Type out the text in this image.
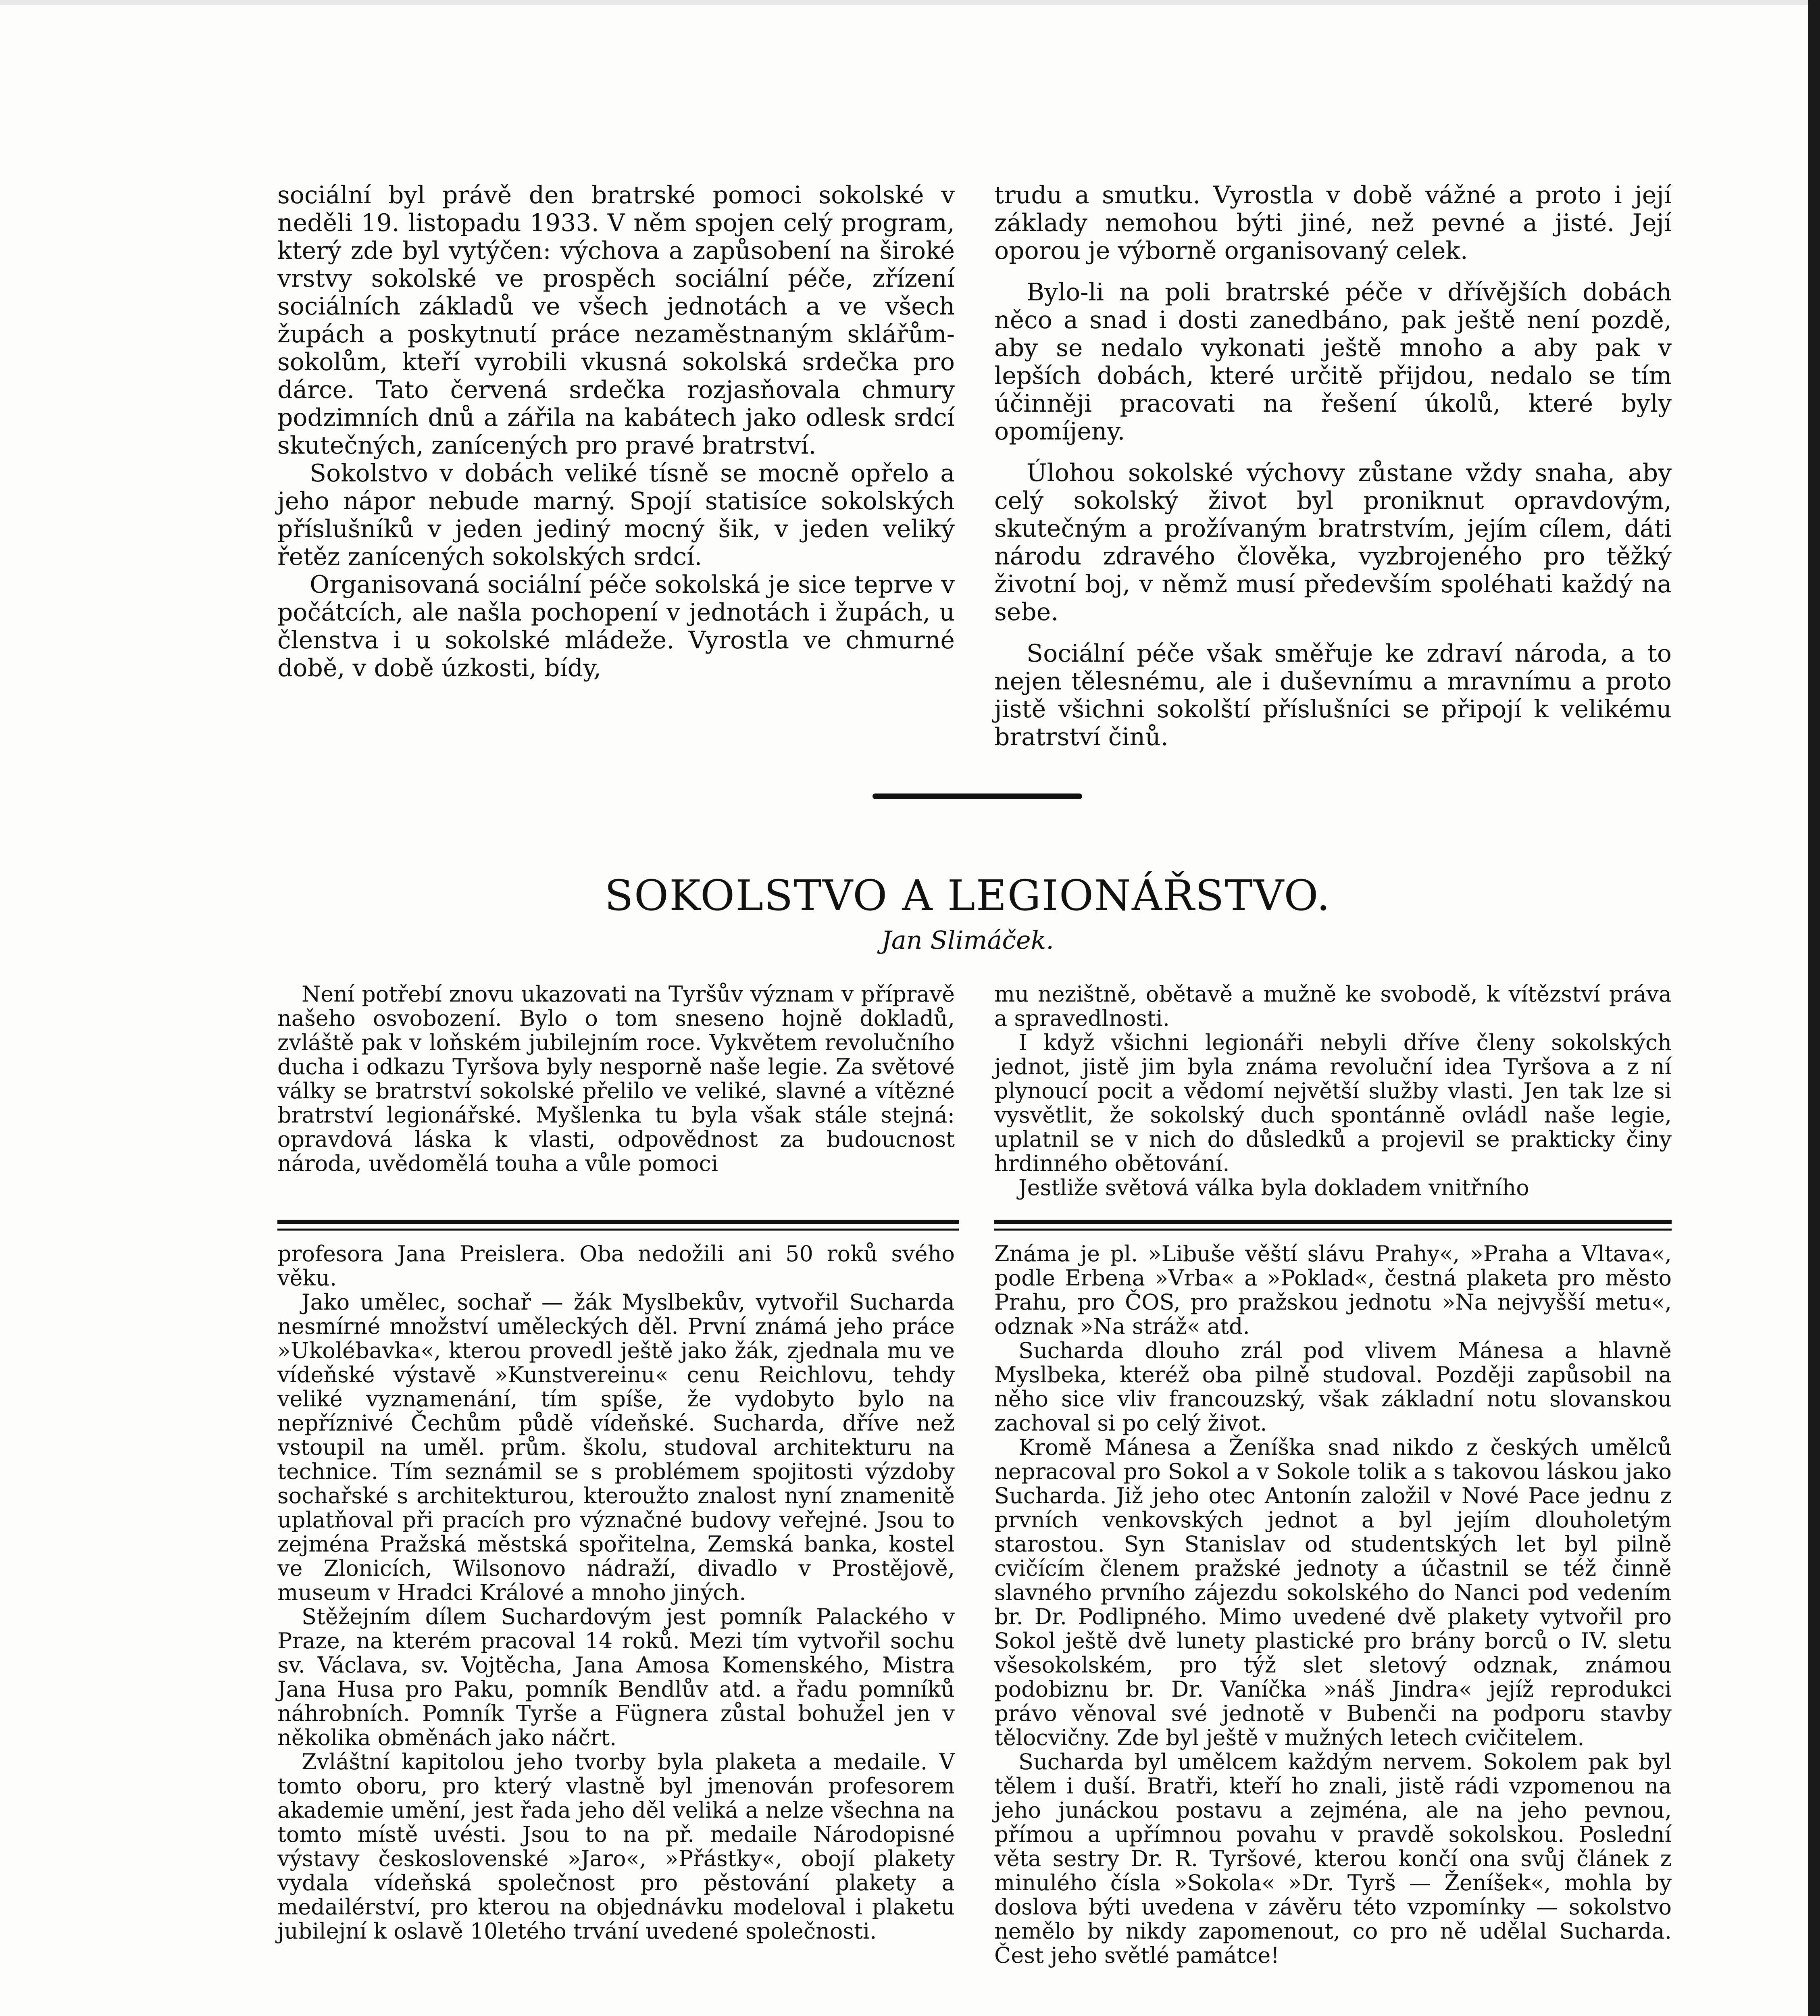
sociální byl právě den bratrské pomoci sokolské v neděli 19. listopadu 1933. V něm spojen celý program, který zde byl vytýčen: výchova a zapůsobení na široké vrstvy sokolské ve prospěch sociální péče, zřízení sociálních základů ve všech jednotách a ve všech župách a poskytnutí práce nezaměstnaným sklářům-sokolům, kteří vyrobili vkusná sokolská srdečka pro dárce. Tato červená srdečka rozjasňovala chmury podzimních dnů a zářila na kabátech jako odlesk srdcí skutečných, zanícených pro pravé bratrství.

Sokolstvo v dobách veliké tísně se mocně opřelo a jeho nápor nebude marný. Spojí statisíce sokolských příslušníků v jeden jediný mocný šik, v jeden veliký řetěz zanícených sokolských srdcí.

Organisovaná sociální péče sokolská je sice teprve v počátcích, ale našla pochopení v jednotách i župách, u členstva i u sokolské mládeže. Vyrostla ve chmurné době, v době úzkosti, bídy,

trudu a smutku. Vyrostla v době vážné a proto i její základy nemohou býti jiné, než pevné a jisté. Její oporou je výborně organisovaný celek.

Bylo-li na poli bratrské péče v dřívějších dobách něco a snad i dosti zanedbáno, pak ještě není pozdě, aby se nedalo vykonati ještě mnoho a aby pak v lepších dobách, které určitě přijdou, nedalo se tím účinněji pracovati na řešení úkolů, které byly opomíjeny.

Úlohou sokolské výchovy zůstane vždy snaha, aby celý sokolský život byl proniknut opravdovým, skutečným a prožívaným bratrstvím, jejím cílem, dáti národu zdravého člověka, vyzbrojeného pro těžký životní boj, v němž musí především spoléhati každý na sebe.

Sociální péče však směřuje ke zdraví národa, a to nejen tělesnému, ale i duševnímu a mravnímu a proto jistě všichni sokolští příslušníci se připojí k velikému bratrství činů.

SOKOLSTVO A LEGIONÁŘSTVO.
Jan Slimáček.

Není potřebí znovu ukazovati na Tyršův význam v přípravě našeho osvobození. Bylo o tom sneseno hojně dokladů, zvláště pak v loňském jubilejním roce. Vykvětem revolučního ducha i odkazu Tyršova byly nesporně naše legie. Za světové války se bratrství sokolské přelilo ve veliké, slavné a vítězné bratrství legionářské. Myšlenka tu byla však stále stejná: opravdová láska k vlasti, odpovědnost za budoucnost národa, uvědomělá touha a vůle pomoci

mu nezištně, obětavě a mužně ke svobodě, k vítězství práva a spravedlnosti.

I když všichni legionáři nebyli dříve členy sokolských jednot, jistě jim byla známa revoluční idea Tyršova a z ní plynoucí pocit a vědomí největší služby vlasti. Jen tak lze si vysvětlit, že sokolský duch spontánně ovládl naše legie, uplatnil se v nich do důsledků a projevil se prakticky činy hrdinného obětování.

Jestliže světová válka byla dokladem vnitřního

profesora Jana Preislera. Oba nedožili ani 50 roků svého věku.

Jako umělec, sochař — žák Myslbekův, vytvořil Sucharda nesmírné množství uměleckých děl. První známá jeho práce »Ukolébavka«, kterou provedl ještě jako žák, zjednala mu ve vídeňské výstavě »Kunstvereinu« cenu Reichlovu, tehdy veliké vyznamenání, tím spíše, že vydobyto bylo na nepříznivé Čechům půdě vídeňské. Sucharda, dříve než vstoupil na uměl. prům. školu, studoval architekturu na technice. Tím seznámil se s problémem spojitosti výzdoby sochařské s architekturou, kteroužto znalost nyní znamenitě uplatňoval při pracích pro význačné budovy veřejné. Jsou to zejména Pražská městská spořitelna, Zemská banka, kostel ve Zlonicích, Wilsonovo nádraží, divadlo v Prostějově, museum v Hradci Králové a mnoho jiných.

Stěžejním dílem Suchardovým jest pomník Palackého v Praze, na kterém pracoval 14 roků. Mezi tím vytvořil sochu sv. Václava, sv. Vojtěcha, Jana Amosa Komenského, Mistra Jana Husa pro Paku, pomník Bendlův atd. a řadu pomníků náhrobních. Pomník Tyrše a Fügnera zůstal bohužel jen v několika obměnách jako náčrt.

Zvláštní kapitolou jeho tvorby byla plaketa a medaile. V tomto oboru, pro který vlastně byl jmenován profesorem akademie umění, jest řada jeho děl veliká a nelze všechna na tomto místě uvésti. Jsou to na př. medaile Národopisné výstavy československé »Jaro«, »Přástky«, obojí plakety vydala vídeňská společnost pro pěstování plakety a medailérství, pro kterou na objednávku modeloval i plaketu jubilejní k oslavě 10letého trvání uvedené společnosti.

Známa je pl. »Libuše věští slávu Prahy«, »Praha a Vltava«, podle Erbena »Vrba« a »Poklad«, čestná plaketa pro město Prahu, pro ČOS, pro pražskou jednotu »Na nejvyšší metu«, odznak »Na stráž« atd.

Sucharda dlouho zrál pod vlivem Mánesa a hlavně Myslbeka, kteréž oba pilně studoval. Později zapůsobil na něho sice vliv francouzský, však základní notu slovanskou zachoval si po celý život.

Kromě Mánesa a Ženíška snad nikdo z českých umělců nepracoval pro Sokol a v Sokole tolik a s takovou láskou jako Sucharda. Již jeho otec Antonín založil v Nové Pace jednu z prvních venkovských jednot a byl jejím dlouholetým starostou. Syn Stanislav od studentských let byl pilně cvičícím členem pražské jednoty a účastnil se též činně slavného prvního zájezdu sokolského do Nanci pod vedením br. Dr. Podlipného. Mimo uvedené dvě plakety vytvořil pro Sokol ještě dvě lunety plastické pro brány borců o IV. sletu všesokolském, pro týž slet sletový odznak, známou podobiznu br. Dr. Vaníčka »náš Jindra« jejíž reprodukci právo věnoval své jednotě v Bubenči na podporu stavby tělocvičny. Zde byl ještě v mužných letech cvičitelem.

Sucharda byl umělcem každým nervem. Sokolem pak byl tělem i duší. Bratři, kteří ho znali, jistě rádi vzpomenou na jeho junáckou postavu a zejména, ale na jeho pevnou, přímou a upřímnou povahu v pravdě sokolskou. Poslední věta sestry Dr. R. Tyršové, kterou končí ona svůj článek z minulého čísla »Sokola« »Dr. Tyrš — Ženíšek«, mohla by doslova býti uvedena v závěru této vzpomínky — sokolstvo nemělo by nikdy zapomenout, co pro ně udělal Sucharda. Čest jeho světlé památce!
